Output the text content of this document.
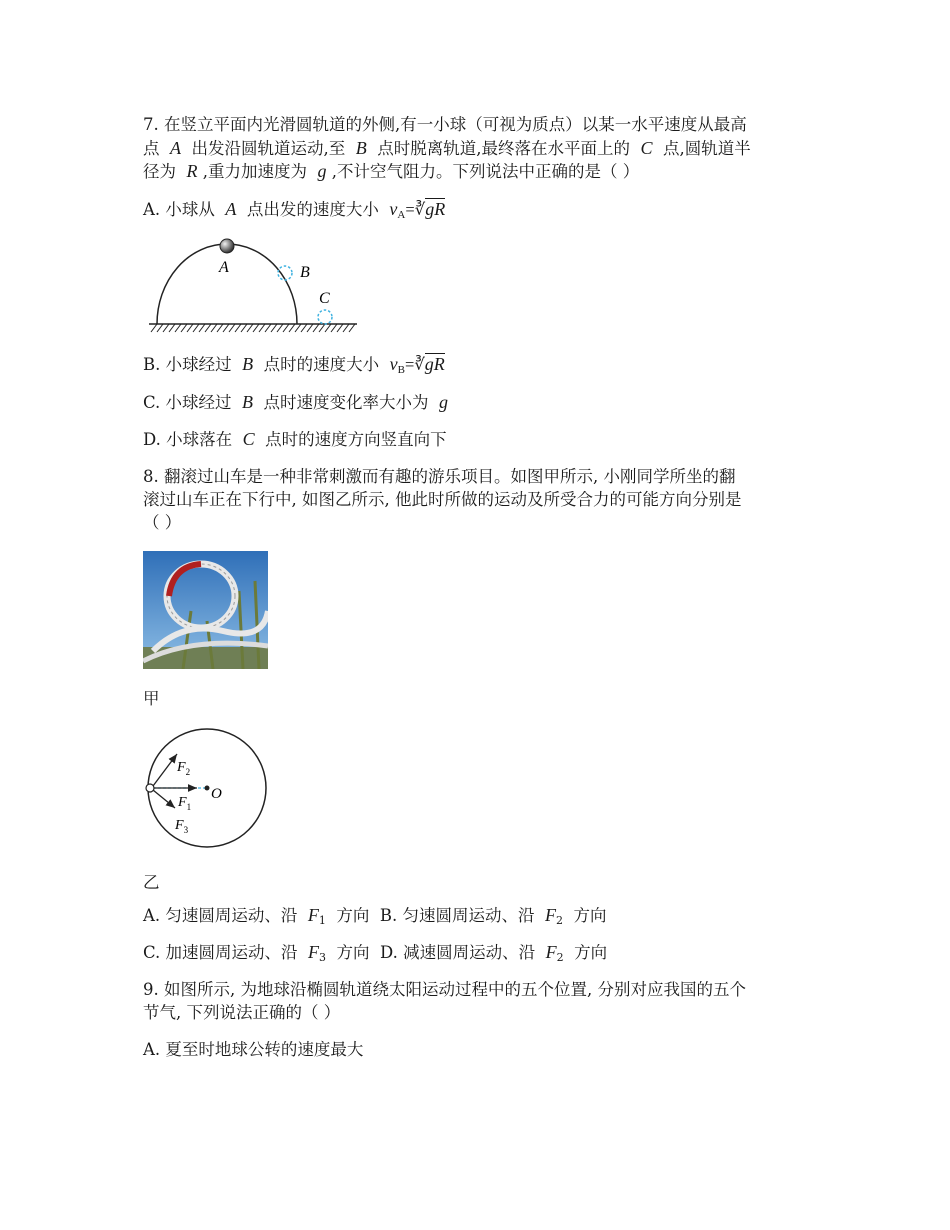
7. 在竖立平面内光滑圆轨道的外侧,有一小球（可视为质点）以某一水平速度从最高
点 A 出发沿圆轨道运动,至 B 点时脱离轨道,最终落在水平面上的 C 点,圆轨道半
径为 R ,重力加速度为 g ,不计空气阻力。下列说法中正确的是（ ）
A. 小球从 A 点出发的速度大小 $v_A=∛gR$
A	B
C
B. 小球经过 B 点时的速度大小 $v_B=∛gR$
C. 小球经过 B 点时速度变化率大小为 g
D. 小球落在 C 点时的速度方向竖直向下
8. 翻滚过山车是一种非常刺激而有趣的游乐项目。如图甲所示, 小刚同学所坐的翻
滚过山车正在下行中, 如图乙所示, 他此时所做的运动及所受合力的可能方向分别是
（ ）
甲
$F_2$
$F_1$
$F_3$
O
乙
A. 匀速圆周运动、沿 $F_1$ 方向 B. 匀速圆周运动、沿 $F_2$ 方向
C. 加速圆周运动、沿 $F_3$ 方向 D. 减速圆周运动、沿 $F_2$ 方向
9. 如图所示, 为地球沿椭圆轨道绕太阳运动过程中的五个位置, 分别对应我国的五个
节气, 下列说法正确的（ ）
A. 夏至时地球公转的速度最大
